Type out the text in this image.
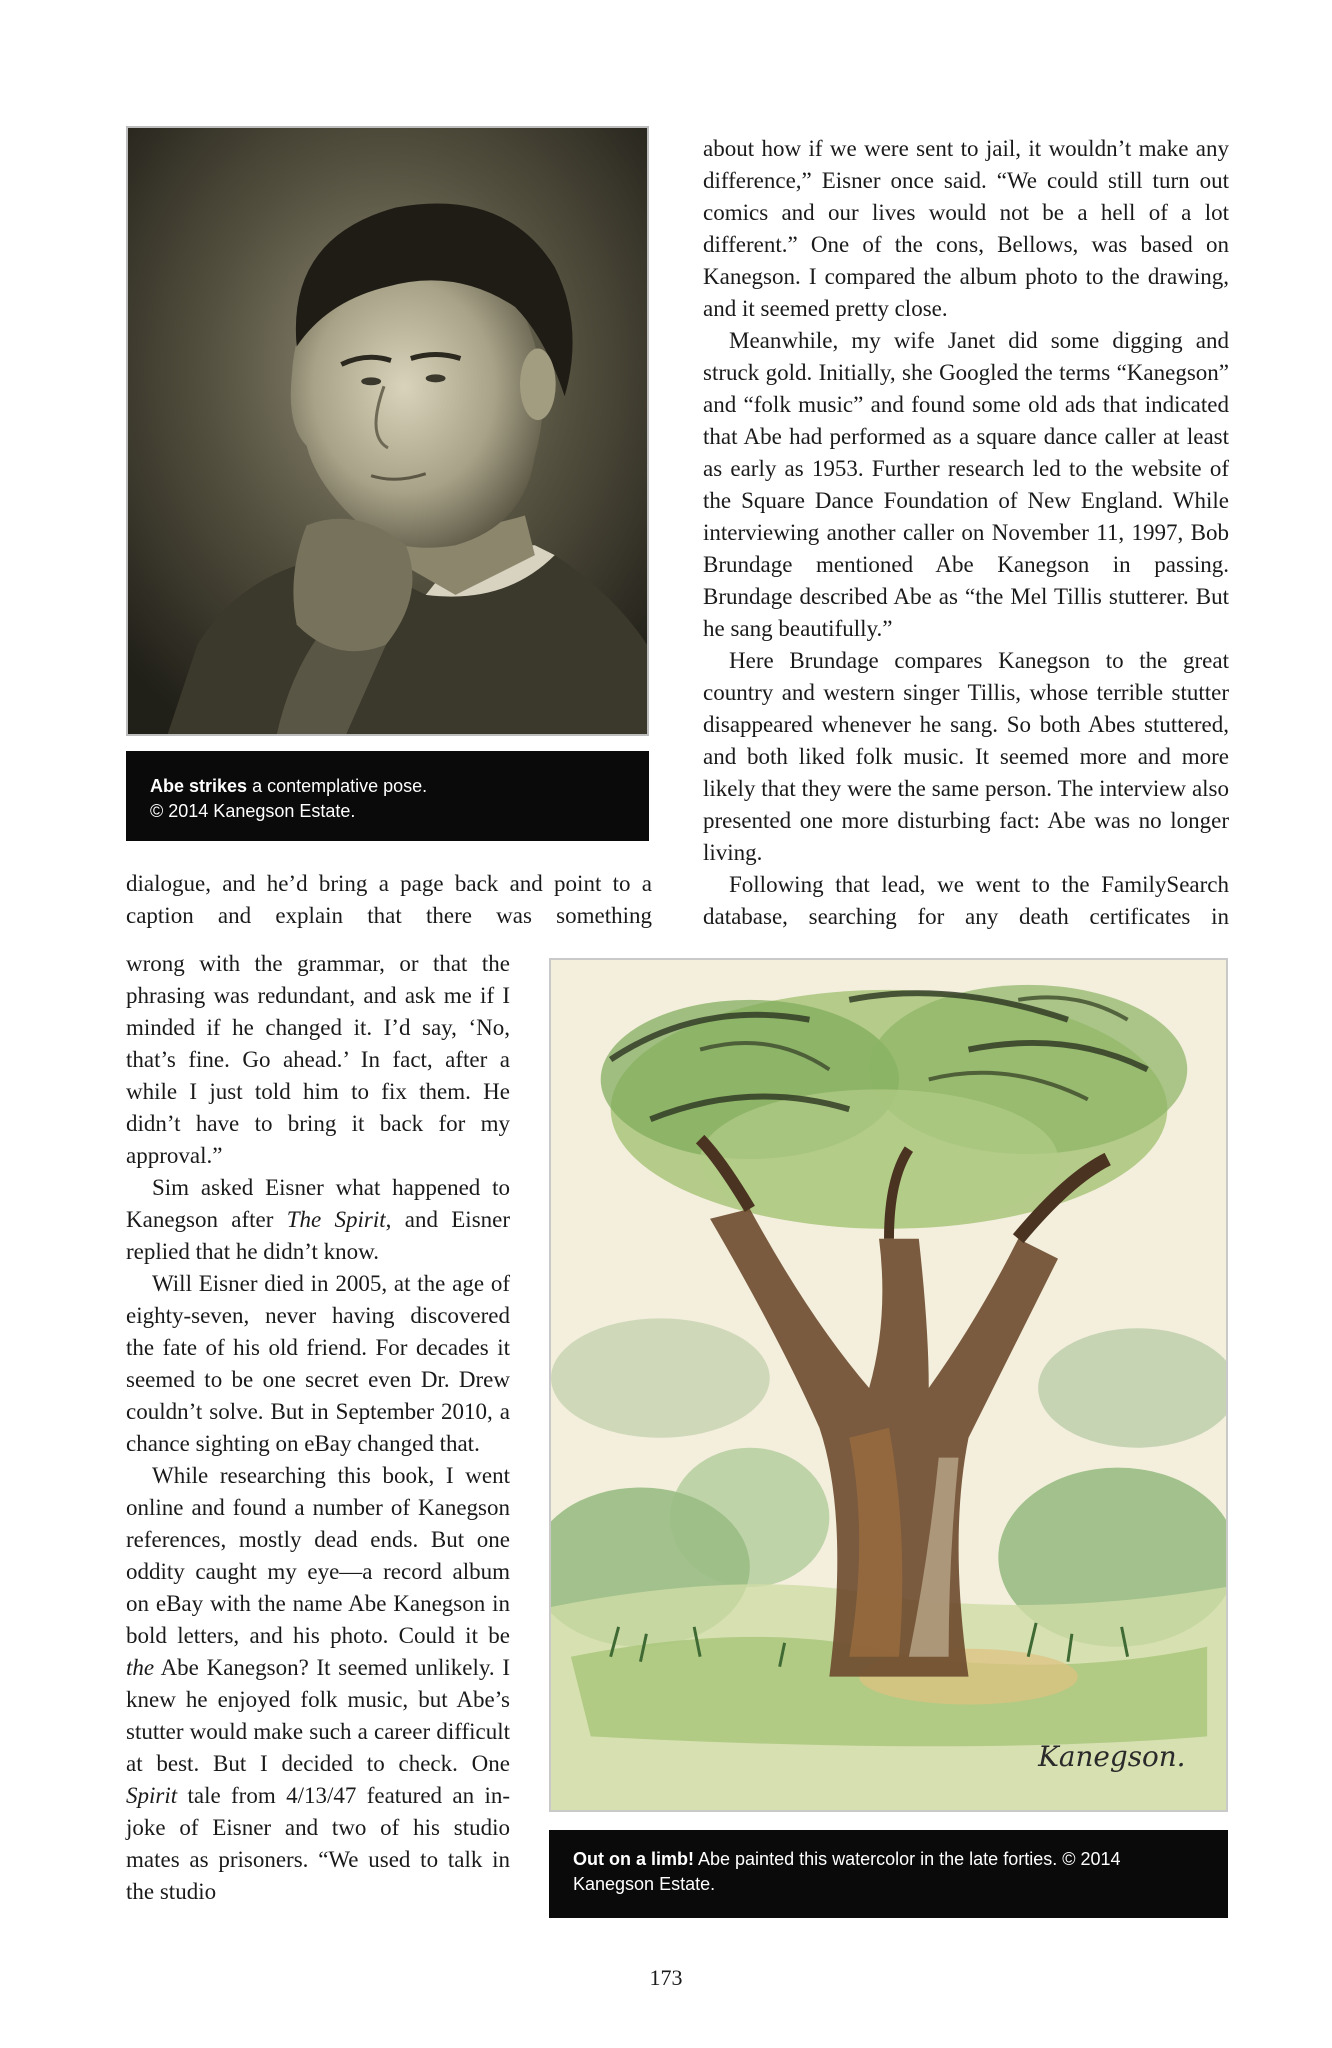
Abe strikes a contemplative pose.
© 2014 Kanegson Estate.

about how if we were sent to jail, it wouldn’t make any difference,” Eisner once said. “We could still turn out comics and our lives would not be a hell of a lot different.” One of the cons, Bellows, was based on Kanegson. I compared the album photo to the drawing, and it seemed pretty close.

Meanwhile, my wife Janet did some digging and struck gold. Initially, she Googled the terms “Kanegson” and “folk music” and found some old ads that indicated that Abe had performed as a square dance caller at least as early as 1953. Further research led to the website of the Square Dance Foundation of New England. While interviewing another caller on November 11, 1997, Bob Brundage mentioned Abe Kanegson in passing. Brundage described Abe as “the Mel Tillis stutterer. But he sang beautifully.”

Here Brundage compares Kanegson to the great country and western singer Tillis, whose terrible stutter disappeared whenever he sang. So both Abes stuttered, and both liked folk music. It seemed more and more likely that they were the same person. The interview also presented one more disturbing fact: Abe was no longer living.

Following that lead, we went to the FamilySearch database, searching for any death certificates in

dialogue, and he’d bring a page back and point to a caption and explain that there was something

wrong with the grammar, or that the phrasing was redundant, and ask me if I minded if he changed it. I’d say, ‘No, that’s fine. Go ahead.’ In fact, after a while I just told him to fix them. He didn’t have to bring it back for my approval.”

Sim asked Eisner what happened to Kanegson after The Spirit, and Eisner replied that he didn’t know.

Will Eisner died in 2005, at the age of eighty-seven, never having discovered the fate of his old friend. For decades it seemed to be one secret even Dr. Drew couldn’t solve. But in September 2010, a chance sighting on eBay changed that.

While researching this book, I went online and found a number of Kanegson references, mostly dead ends. But one oddity caught my eye—a record album on eBay with the name Abe Kanegson in bold letters, and his photo. Could it be the Abe Kanegson? It seemed unlikely. I knew he enjoyed folk music, but Abe’s stutter would make such a career difficult at best. But I decided to check. One Spirit tale from 4/13/47 featured an in-joke of Eisner and two of his studio mates as prisoners. “We used to talk in the studio

Kanegson.
Out on a limb! Abe painted this watercolor in the late forties. © 2014 Kanegson Estate.
173
